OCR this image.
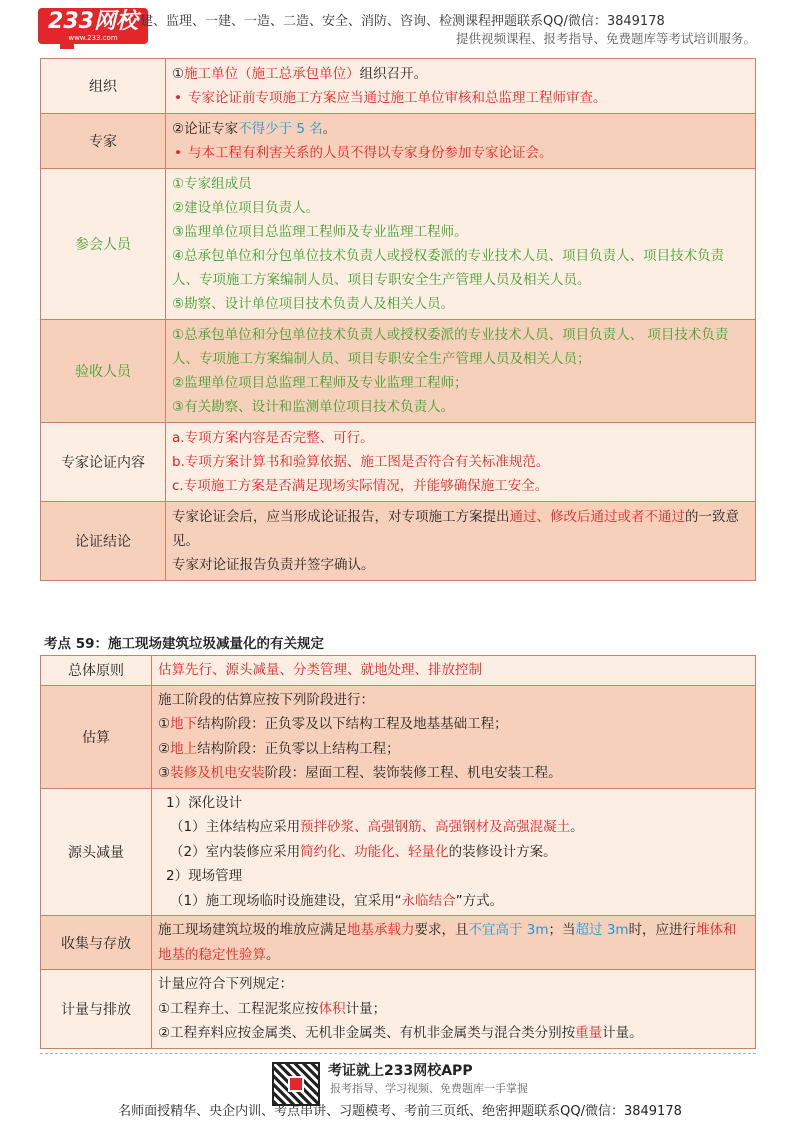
233网校
www.233.com
建、监理、一建、一造、二造、安全、消防、咨询、检测课程押题联系QQ/微信：3849178
提供视频课程、报考指导、免费题库等考试培训服务。
组织	①施工单位（施工总承包单位）组织召开。
• 专家论证前专项施工方案应当通过施工单位审核和总监理工程师审查。

专家	②论证专家不得少于 5 名。
• 与本工程有利害关系的人员不得以专家身份参加专家论证会。

参会人员	①专家组成员
②建设单位项目负责人。
③监理单位项目总监理工程师及专业监理工程师。
④总承包单位和分包单位技术负责人或授权委派的专业技术人员、项目负责人、项目技术负责人、专项施工方案编制人员、项目专职安全生产管理人员及相关人员。
⑤勘察、设计单位项目技术负责人及相关人员。

验收人员	①总承包单位和分包单位技术负责人或授权委派的专业技术人员、项目负责人、 项目技术负责人、专项施工方案编制人员、项目专职安全生产管理人员及相关人员；
②监理单位项目总监理工程师及专业监理工程师；
③有关勘察、设计和监测单位项目技术负责人。

专家论证内容	a.专项方案内容是否完整、可行。
b.专项方案计算书和验算依据、施工图是否符合有关标准规范。
c.专项施工方案是否满足现场实际情况，并能够确保施工安全。

论证结论	专家论证会后，应当形成论证报告，对专项施工方案提出通过、修改后通过或者不通过的一致意见。
专家对论证报告负责并签字确认。
考点 59：施工现场建筑垃圾减量化的有关规定
总体原则	估算先行、源头减量、分类管理、就地处理、排放控制
估算	施工阶段的估算应按下列阶段进行：
①地下结构阶段：正负零及以下结构工程及地基基础工程；
②地上结构阶段：正负零以上结构工程；
③装修及机电安装阶段：屋面工程、装饰装修工程、机电安装工程。

源头减量	1）深化设计
（1）主体结构应采用预拌砂浆、高强钢筋、高强钢材及高强混凝土。
（2）室内装修应采用简约化、功能化、轻量化的装修设计方案。
2）现场管理
（1）施工现场临时设施建设，宜采用“永临结合”方式。

收集与存放	施工现场建筑垃圾的堆放应满足地基承载力要求，且不宜高于 3m；当超过 3m时，应进行堆体和地基的稳定性验算。
计量与排放	计量应符合下列规定：
①工程弃土、工程泥浆应按体积计量；
②工程弃料应按金属类、无机非金属类、有机非金属类与混合类分别按重量计量。
考证就上233网校APP
报考指导、学习视频、免费题库一手掌握
名师面授精华、央企内训、考点串讲、习题模考、考前三页纸、绝密押题联系QQ/微信：3849178
